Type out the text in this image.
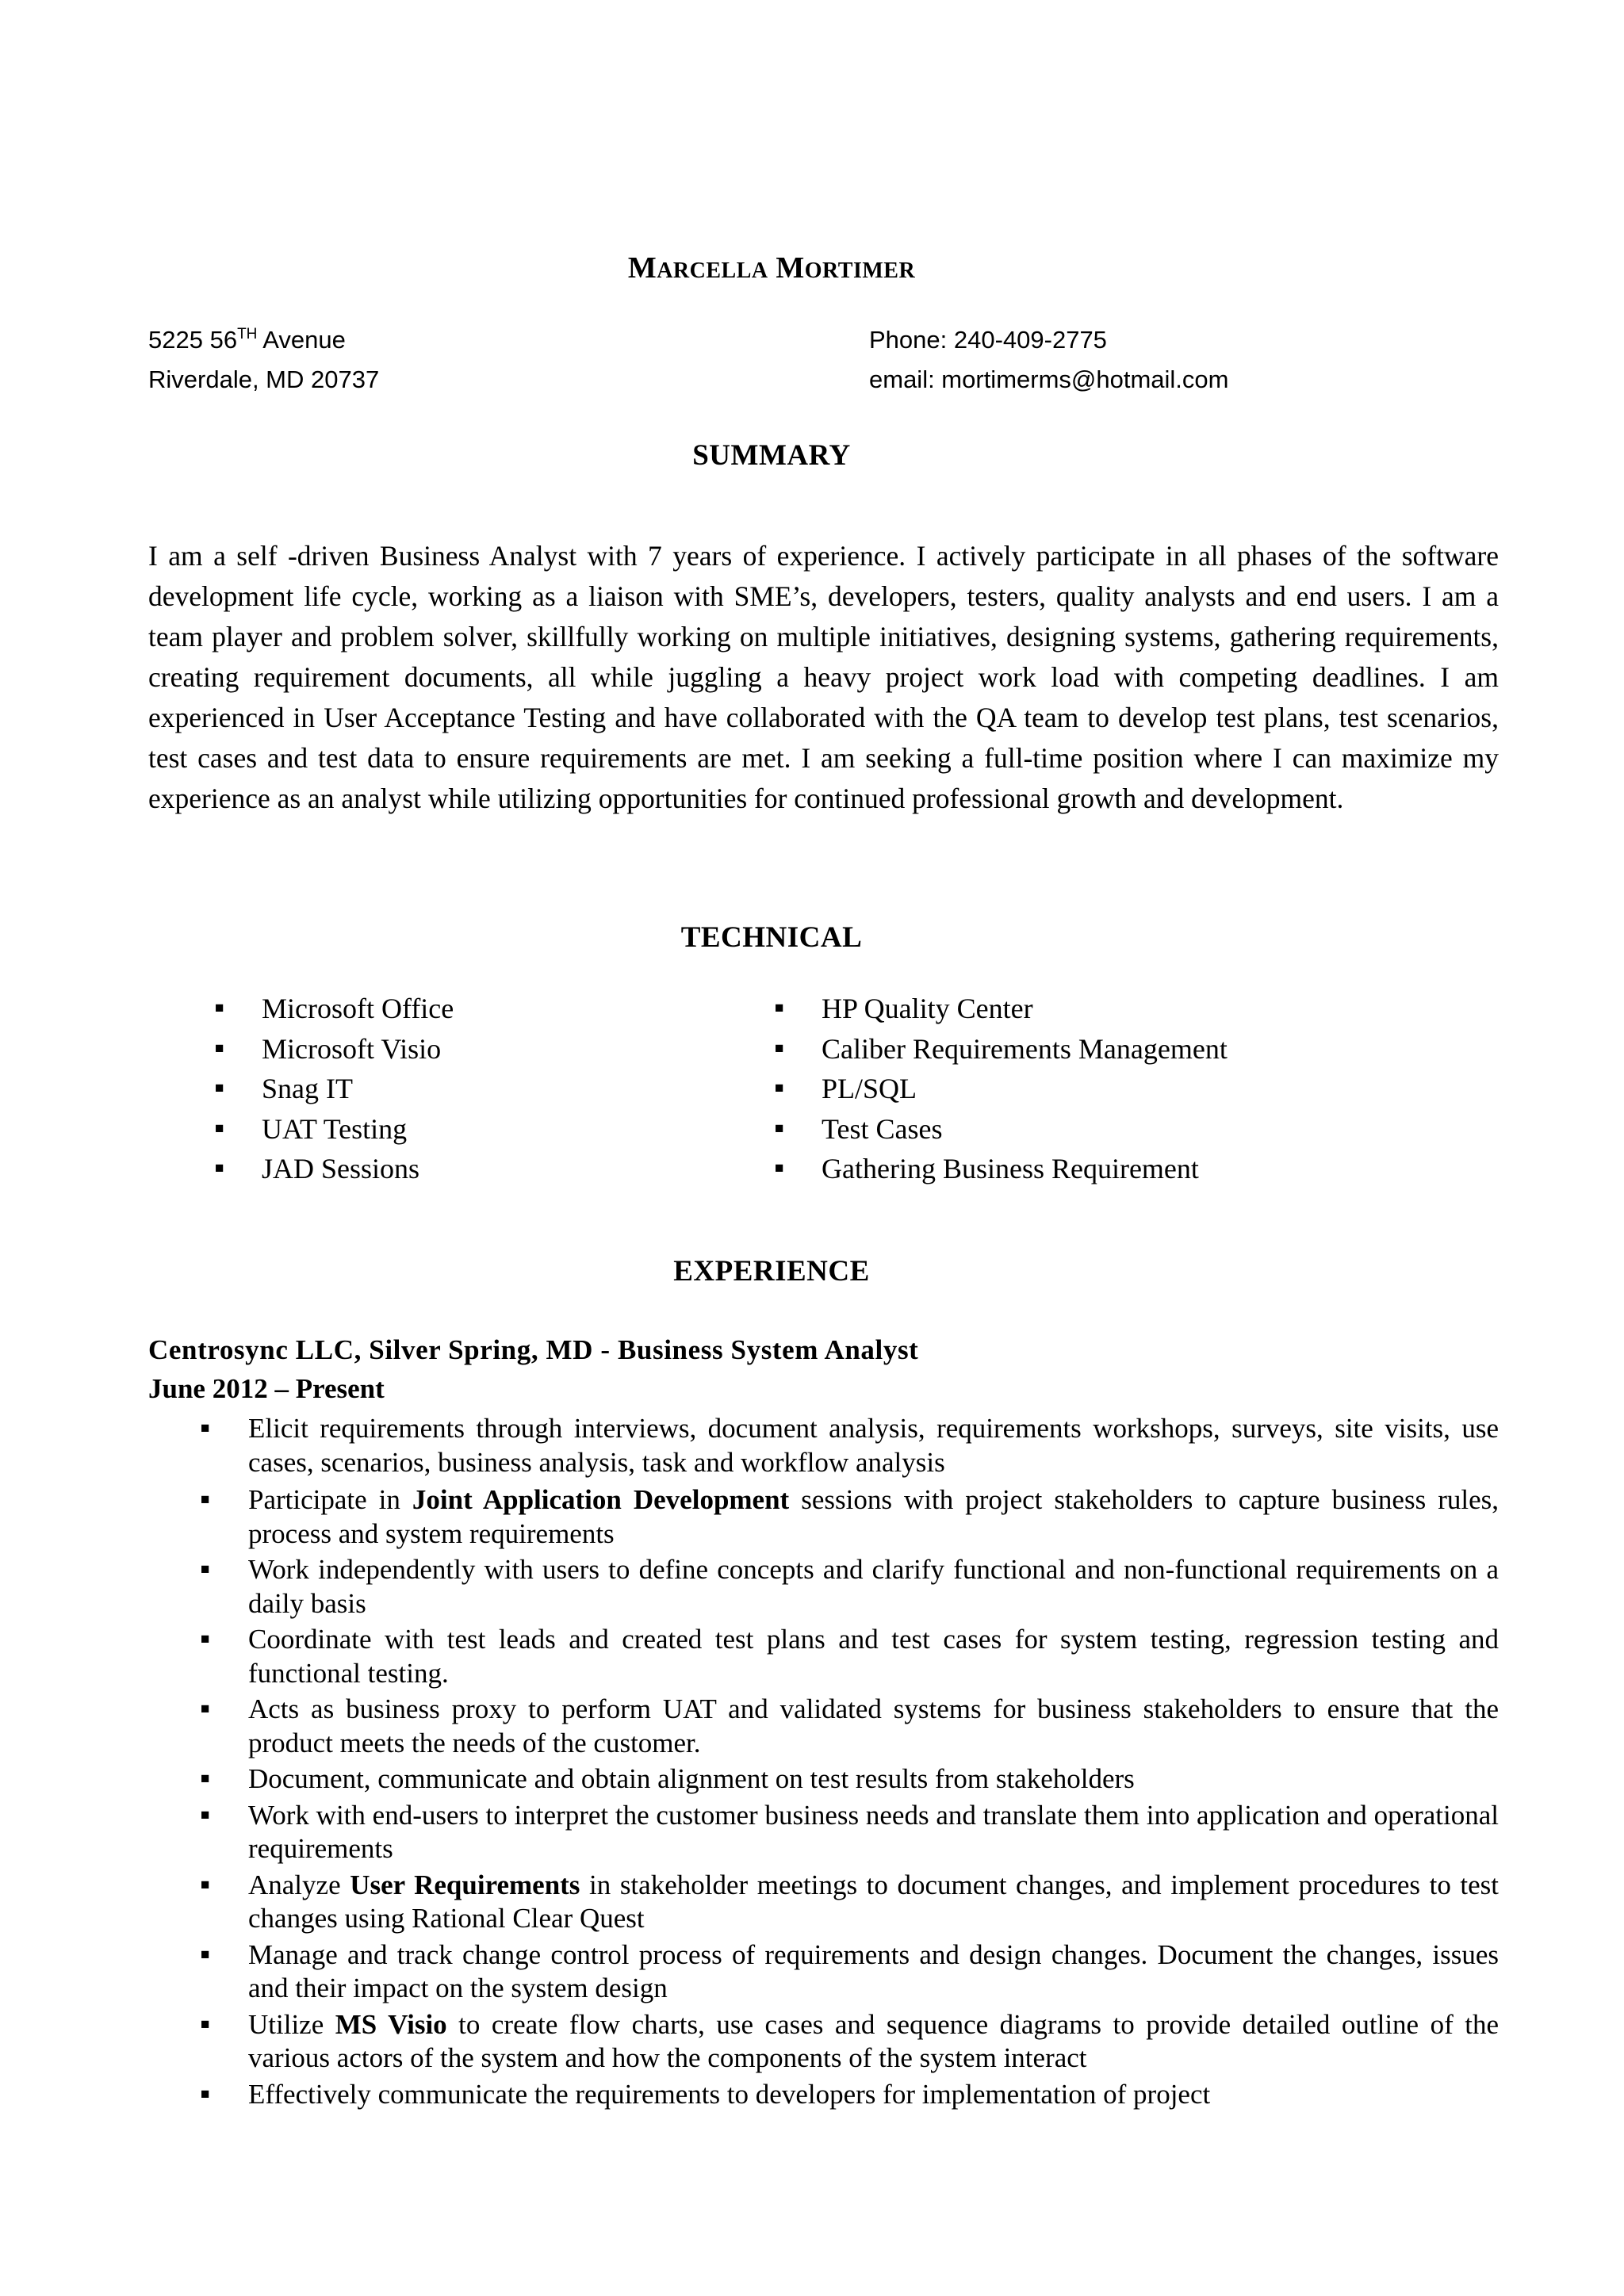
MARCELLA MORTIMER
5225 56TH Avenue
Riverdale, MD 20737
Phone: 240-409-2775
email: mortimerms@hotmail.com
SUMMARY

I am a self -driven Business Analyst with 7 years of experience. I actively participate in all phases of the software development life cycle, working as a liaison with SME’s, developers, testers, quality analysts and end users. I am a team player and problem solver, skillfully working on multiple initiatives, designing systems, gathering requirements, creating requirement documents, all while juggling a heavy project work load with competing deadlines. I am experienced in User Acceptance Testing and have collaborated with the QA team to develop test plans, test scenarios, test cases and test data to ensure requirements are met. I am seeking a full-time position where I can maximize my experience as an analyst while utilizing opportunities for continued professional growth and development.

TECHNICAL
■ Microsoft Office
■ Microsoft Visio
■ Snag IT
■ UAT Testing
■ JAD Sessions
■ HP Quality Center
■ Caliber Requirements Management
■ PL/SQL
■ Test Cases
■ Gathering Business Requirement
EXPERIENCE
Centrosync LLC, Silver Spring, MD - Business System Analyst
June 2012 – Present
■ Elicit requirements through interviews, document analysis, requirements workshops, surveys, site visits, use cases, scenarios, business analysis, task and workflow analysis
■ Participate in Joint Application Development sessions with project stakeholders to capture business rules, process and system requirements
■ Work independently with users to define concepts and clarify functional and non-functional requirements on a daily basis
■ Coordinate with test leads and created test plans and test cases for system testing, regression testing and functional testing.
■ Acts as business proxy to perform UAT and validated systems for business stakeholders to ensure that the product meets the needs of the customer.
■ Document, communicate and obtain alignment on test results from stakeholders
■ Work with end-users to interpret the customer business needs and translate them into application and operational requirements
■ Analyze User Requirements in stakeholder meetings to document changes, and implement procedures to test changes using Rational Clear Quest
■ Manage and track change control process of requirements and design changes. Document the changes, issues and their impact on the system design
■ Utilize MS Visio to create flow charts, use cases and sequence diagrams to provide detailed outline of the various actors of the system and how the components of the system interact
■ Effectively communicate the requirements to developers for implementation of project
